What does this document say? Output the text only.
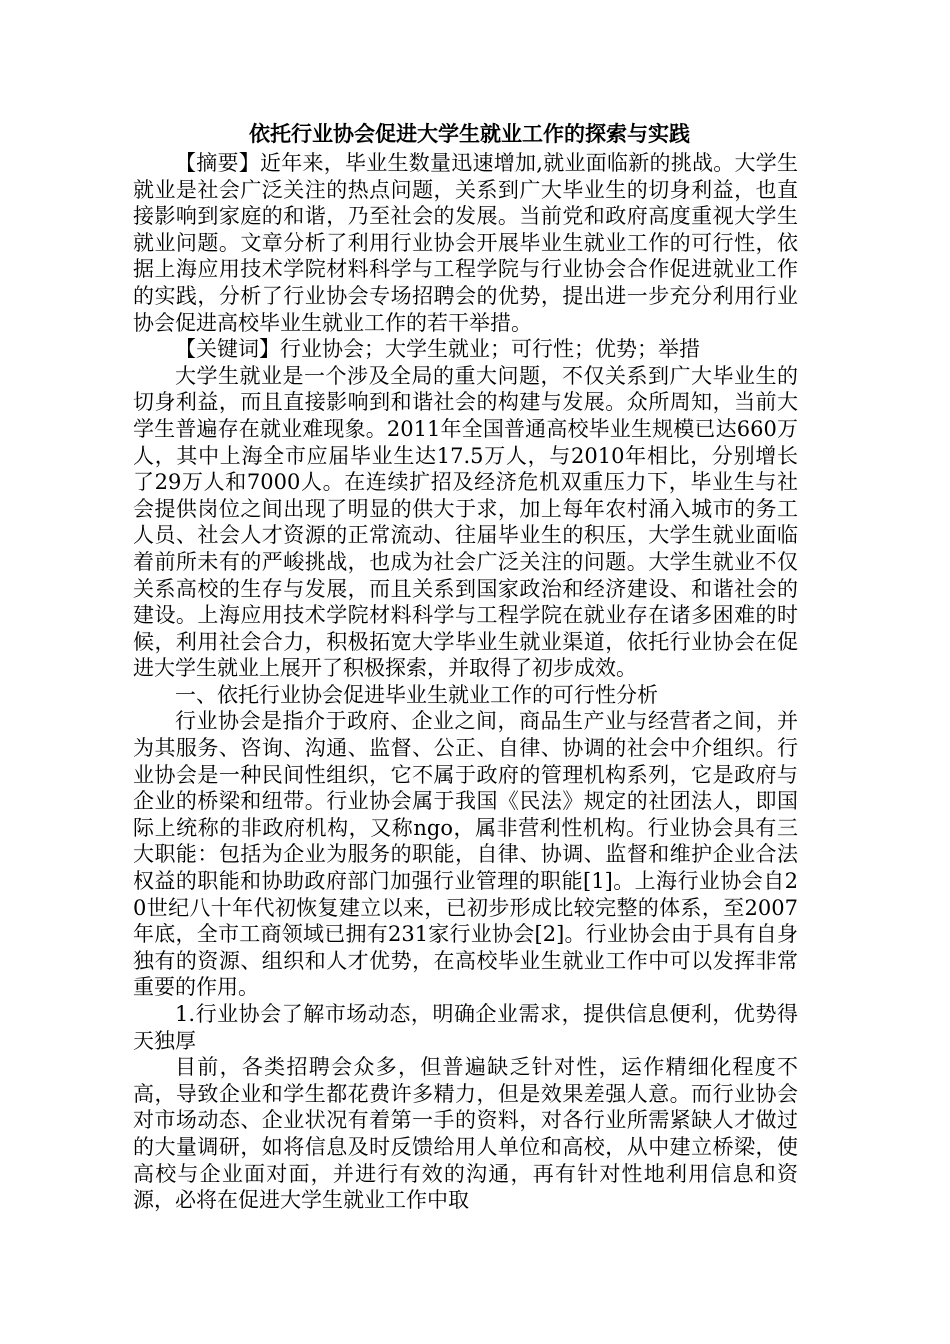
依托行业协会促进大学生就业工作的探索与实践

【摘要】近年来，毕业生数量迅速增加,就业面临新的挑战。大学生就业是社会广泛关注的热点问题，关系到广大毕业生的切身利益，也直接影响到家庭的和谐，乃至社会的发展。当前党和政府高度重视大学生就业问题。文章分析了利用行业协会开展毕业生就业工作的可行性，依据上海应用技术学院材料科学与工程学院与行业协会合作促进就业工作的实践，分析了行业协会专场招聘会的优势，提出进一步充分利用行业协会促进高校毕业生就业工作的若干举措。

【关键词】行业协会；大学生就业；可行性；优势；举措

大学生就业是一个涉及全局的重大问题，不仅关系到广大毕业生的切身利益，而且直接影响到和谐社会的构建与发展。众所周知，当前大学生普遍存在就业难现象。2011年全国普通高校毕业生规模已达660万人，其中上海全市应届毕业生达17.5万人，与2010年相比，分别增长了29万人和7000人。在连续扩招及经济危机双重压力下，毕业生与社会提供岗位之间出现了明显的供大于求，加上每年农村涌入城市的务工人员、社会人才资源的正常流动、往届毕业生的积压，大学生就业面临着前所未有的严峻挑战，也成为社会广泛关注的问题。大学生就业不仅关系高校的生存与发展，而且关系到国家政治和经济建设、和谐社会的建设。上海应用技术学院材料科学与工程学院在就业存在诸多困难的时候，利用社会合力，积极拓宽大学毕业生就业渠道，依托行业协会在促进大学生就业上展开了积极探索，并取得了初步成效。

一、依托行业协会促进毕业生就业工作的可行性分析

行业协会是指介于政府、企业之间，商品生产业与经营者之间，并为其服务、咨询、沟通、监督、公正、自律、协调的社会中介组织。行业协会是一种民间性组织，它不属于政府的管理机构系列，它是政府与企业的桥梁和纽带。行业协会属于我国《民法》规定的社团法人，即国际上统称的非政府机构，又称ngo，属非营利性机构。行业协会具有三大职能：包括为企业为服务的职能，自律、协调、监督和维护企业合法权益的职能和协助政府部门加强行业管理的职能[1]。上海行业协会自20世纪八十年代初恢复建立以来，已初步形成比较完整的体系，至2007年底，全市工商领域已拥有231家行业协会[2]。行业协会由于具有自身独有的资源、组织和人才优势，在高校毕业生就业工作中可以发挥非常重要的作用。

1.行业协会了解市场动态，明确企业需求，提供信息便利，优势得天独厚

目前，各类招聘会众多，但普遍缺乏针对性，运作精细化程度不高，导致企业和学生都花费许多精力，但是效果差强人意。而行业协会对市场动态、企业状况有着第一手的资料，对各行业所需紧缺人才做过的大量调研，如将信息及时反馈给用人单位和高校，从中建立桥梁，使高校与企业面对面，并进行有效的沟通，再有针对性地利用信息和资源，必将在促进大学生就业工作中取
